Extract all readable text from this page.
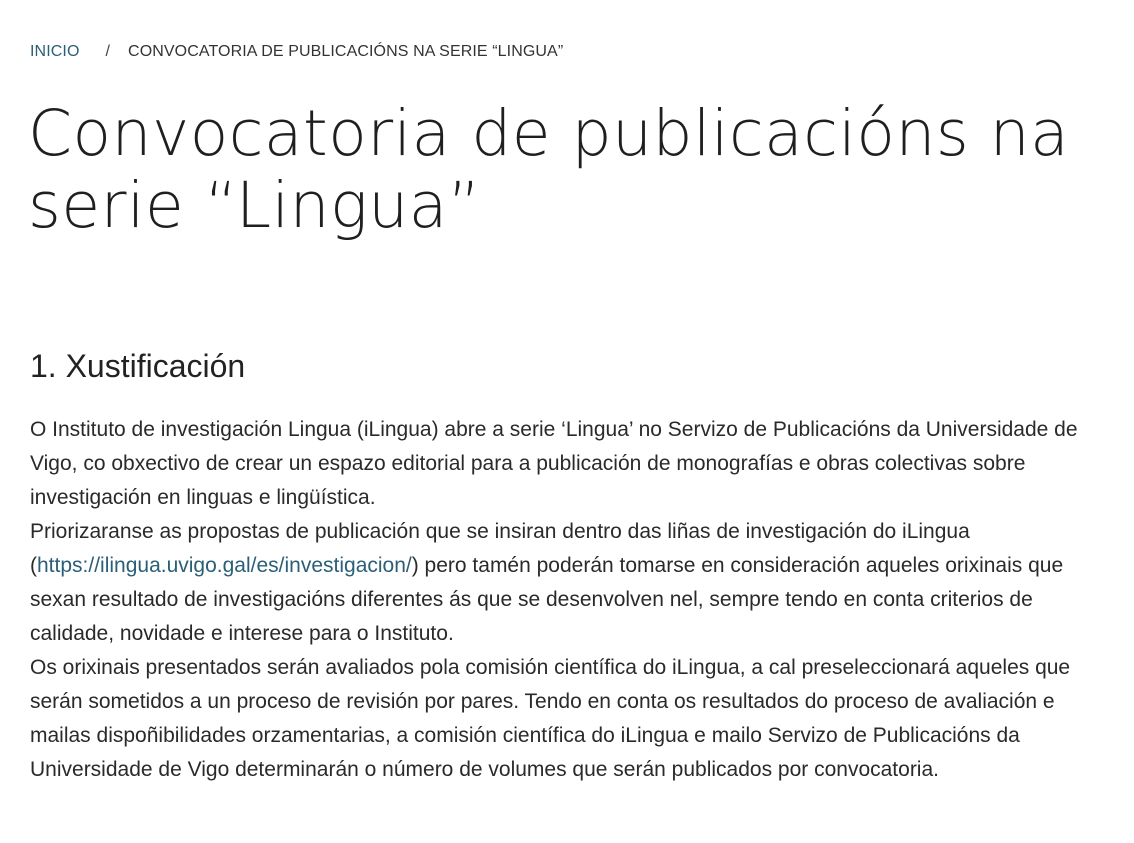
INICIO / CONVOCATORIA DE PUBLICACIÓNS NA SERIE “LINGUA”
Convocatoria de publicacións na
serie “Lingua”
1. Xustificación

O Instituto de investigación Lingua (iLingua) abre a serie ‘Lingua’ no Servizo de Publicacións da Universidade de Vigo, co obxectivo de crear un espazo editorial para a publicación de monografías e obras colectivas sobre investigación en linguas e lingüística.

Priorizaranse as propostas de publicación que se insiran dentro das liñas de investigación do iLingua (https://ilingua.uvigo.gal/es/investigacion/) pero tamén poderán tomarse en consideración aqueles orixinais que sexan resultado de investigacións diferentes ás que se desenvolven nel, sempre tendo en conta criterios de calidade, novidade e interese para o Instituto.

Os orixinais presentados serán avaliados pola comisión científica do iLingua, a cal preseleccionará aqueles que serán sometidos a un proceso de revisión por pares. Tendo en conta os resultados do proceso de avaliación e mailas dispoñibilidades orzamentarias, a comisión científica do iLingua e mailo Servizo de Publicacións da Universidade de Vigo determinarán o número de volumes que serán publicados por convocatoria.
